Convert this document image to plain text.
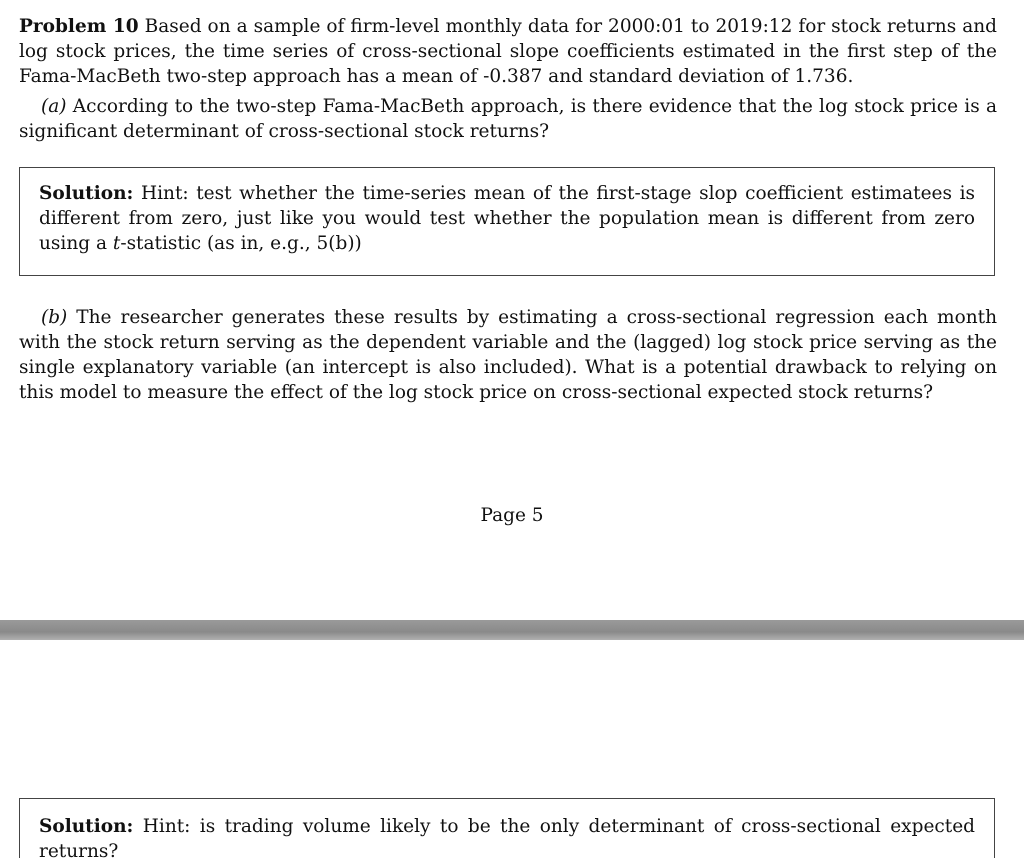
Problem 10 Based on a sample of firm-level monthly data for 2000:01 to 2019:12 for stock returns and log stock prices, the time series of cross-sectional slope coefficients estimated in the first step of the Fama-MacBeth two-step approach has a mean of -0.387 and standard deviation of 1.736.

(a) According to the two-step Fama-MacBeth approach, is there evidence that the log stock price is a significant determinant of cross-sectional stock returns?

Solution: Hint: test whether the time-series mean of the first-stage slop coefficient estimatees is different from zero, just like you would test whether the population mean is different from zero using a t-statistic (as in, e.g., 5(b))

(b) The researcher generates these results by estimating a cross-sectional regression each month with the stock return serving as the dependent variable and the (lagged) log stock price serving as the single explanatory variable (an intercept is also included). What is a potential drawback to relying on this model to measure the effect of the log stock price on cross-sectional expected stock returns?

Page 5
Solution: Hint: is trading volume likely to be the only determinant of cross-sectional expected returns?
